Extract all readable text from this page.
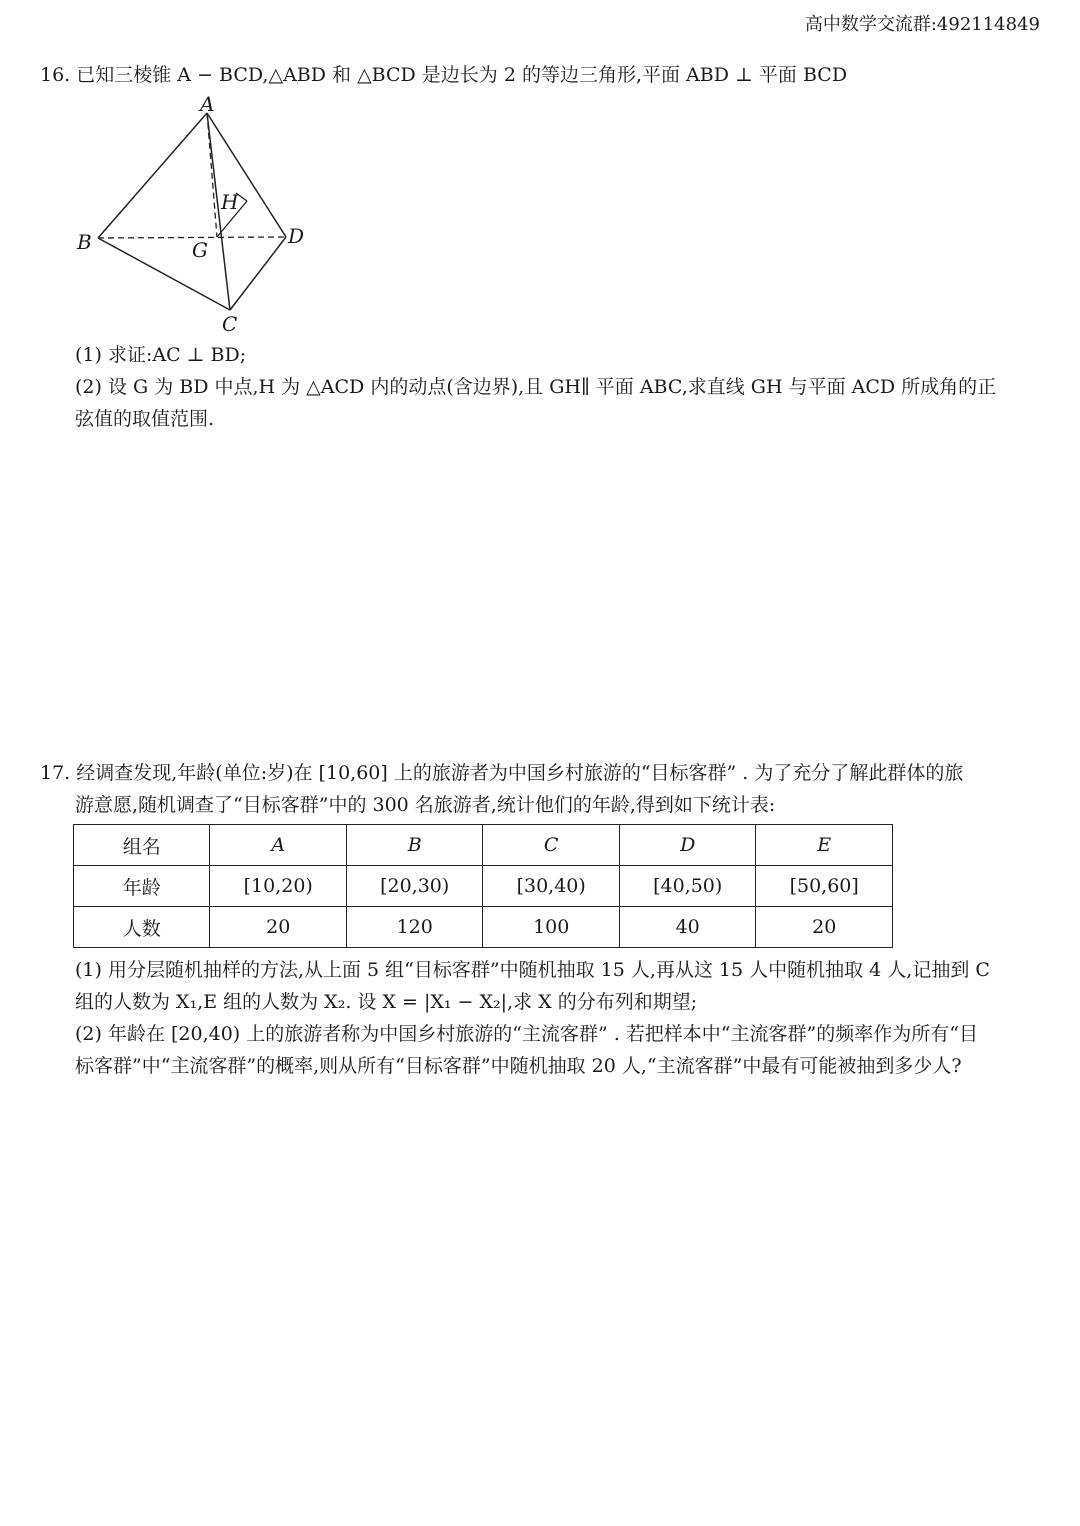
高中数学交流群:492114849
16. 已知三棱锥 A − BCD,△ABD 和 △BCD 是边长为 2 的等边三角形,平面 ABD ⊥ 平面 BCD
A
B
C
D
G
H
(1) 求证:AC ⊥ BD;
(2) 设 G 为 BD 中点,H 为 △ACD 内的动点(含边界),且 GH∥ 平面 ABC,求直线 GH 与平面 ACD 所成角的正
弦值的取值范围.
17. 经调查发现,年龄(单位:岁)在 [10,60] 上的旅游者为中国乡村旅游的“目标客群” . 为了充分了解此群体的旅
游意愿,随机调查了“目标客群”中的 300 名旅游者,统计他们的年龄,得到如下统计表:
组名	A	B	C	D	E
年龄	[10,20)	[20,30)	[30,40)	[40,50)	[50,60]
人数	20	120	100	40	20
(1) 用分层随机抽样的方法,从上面 5 组“目标客群”中随机抽取 15 人,再从这 15 人中随机抽取 4 人,记抽到 C
组的人数为 X₁,E 组的人数为 X₂. 设 X = |X₁ − X₂|,求 X 的分布列和期望;
(2) 年龄在 [20,40) 上的旅游者称为中国乡村旅游的“主流客群” . 若把样本中“主流客群”的频率作为所有“目
标客群”中“主流客群”的概率,则从所有“目标客群”中随机抽取 20 人,“主流客群”中最有可能被抽到多少人?
